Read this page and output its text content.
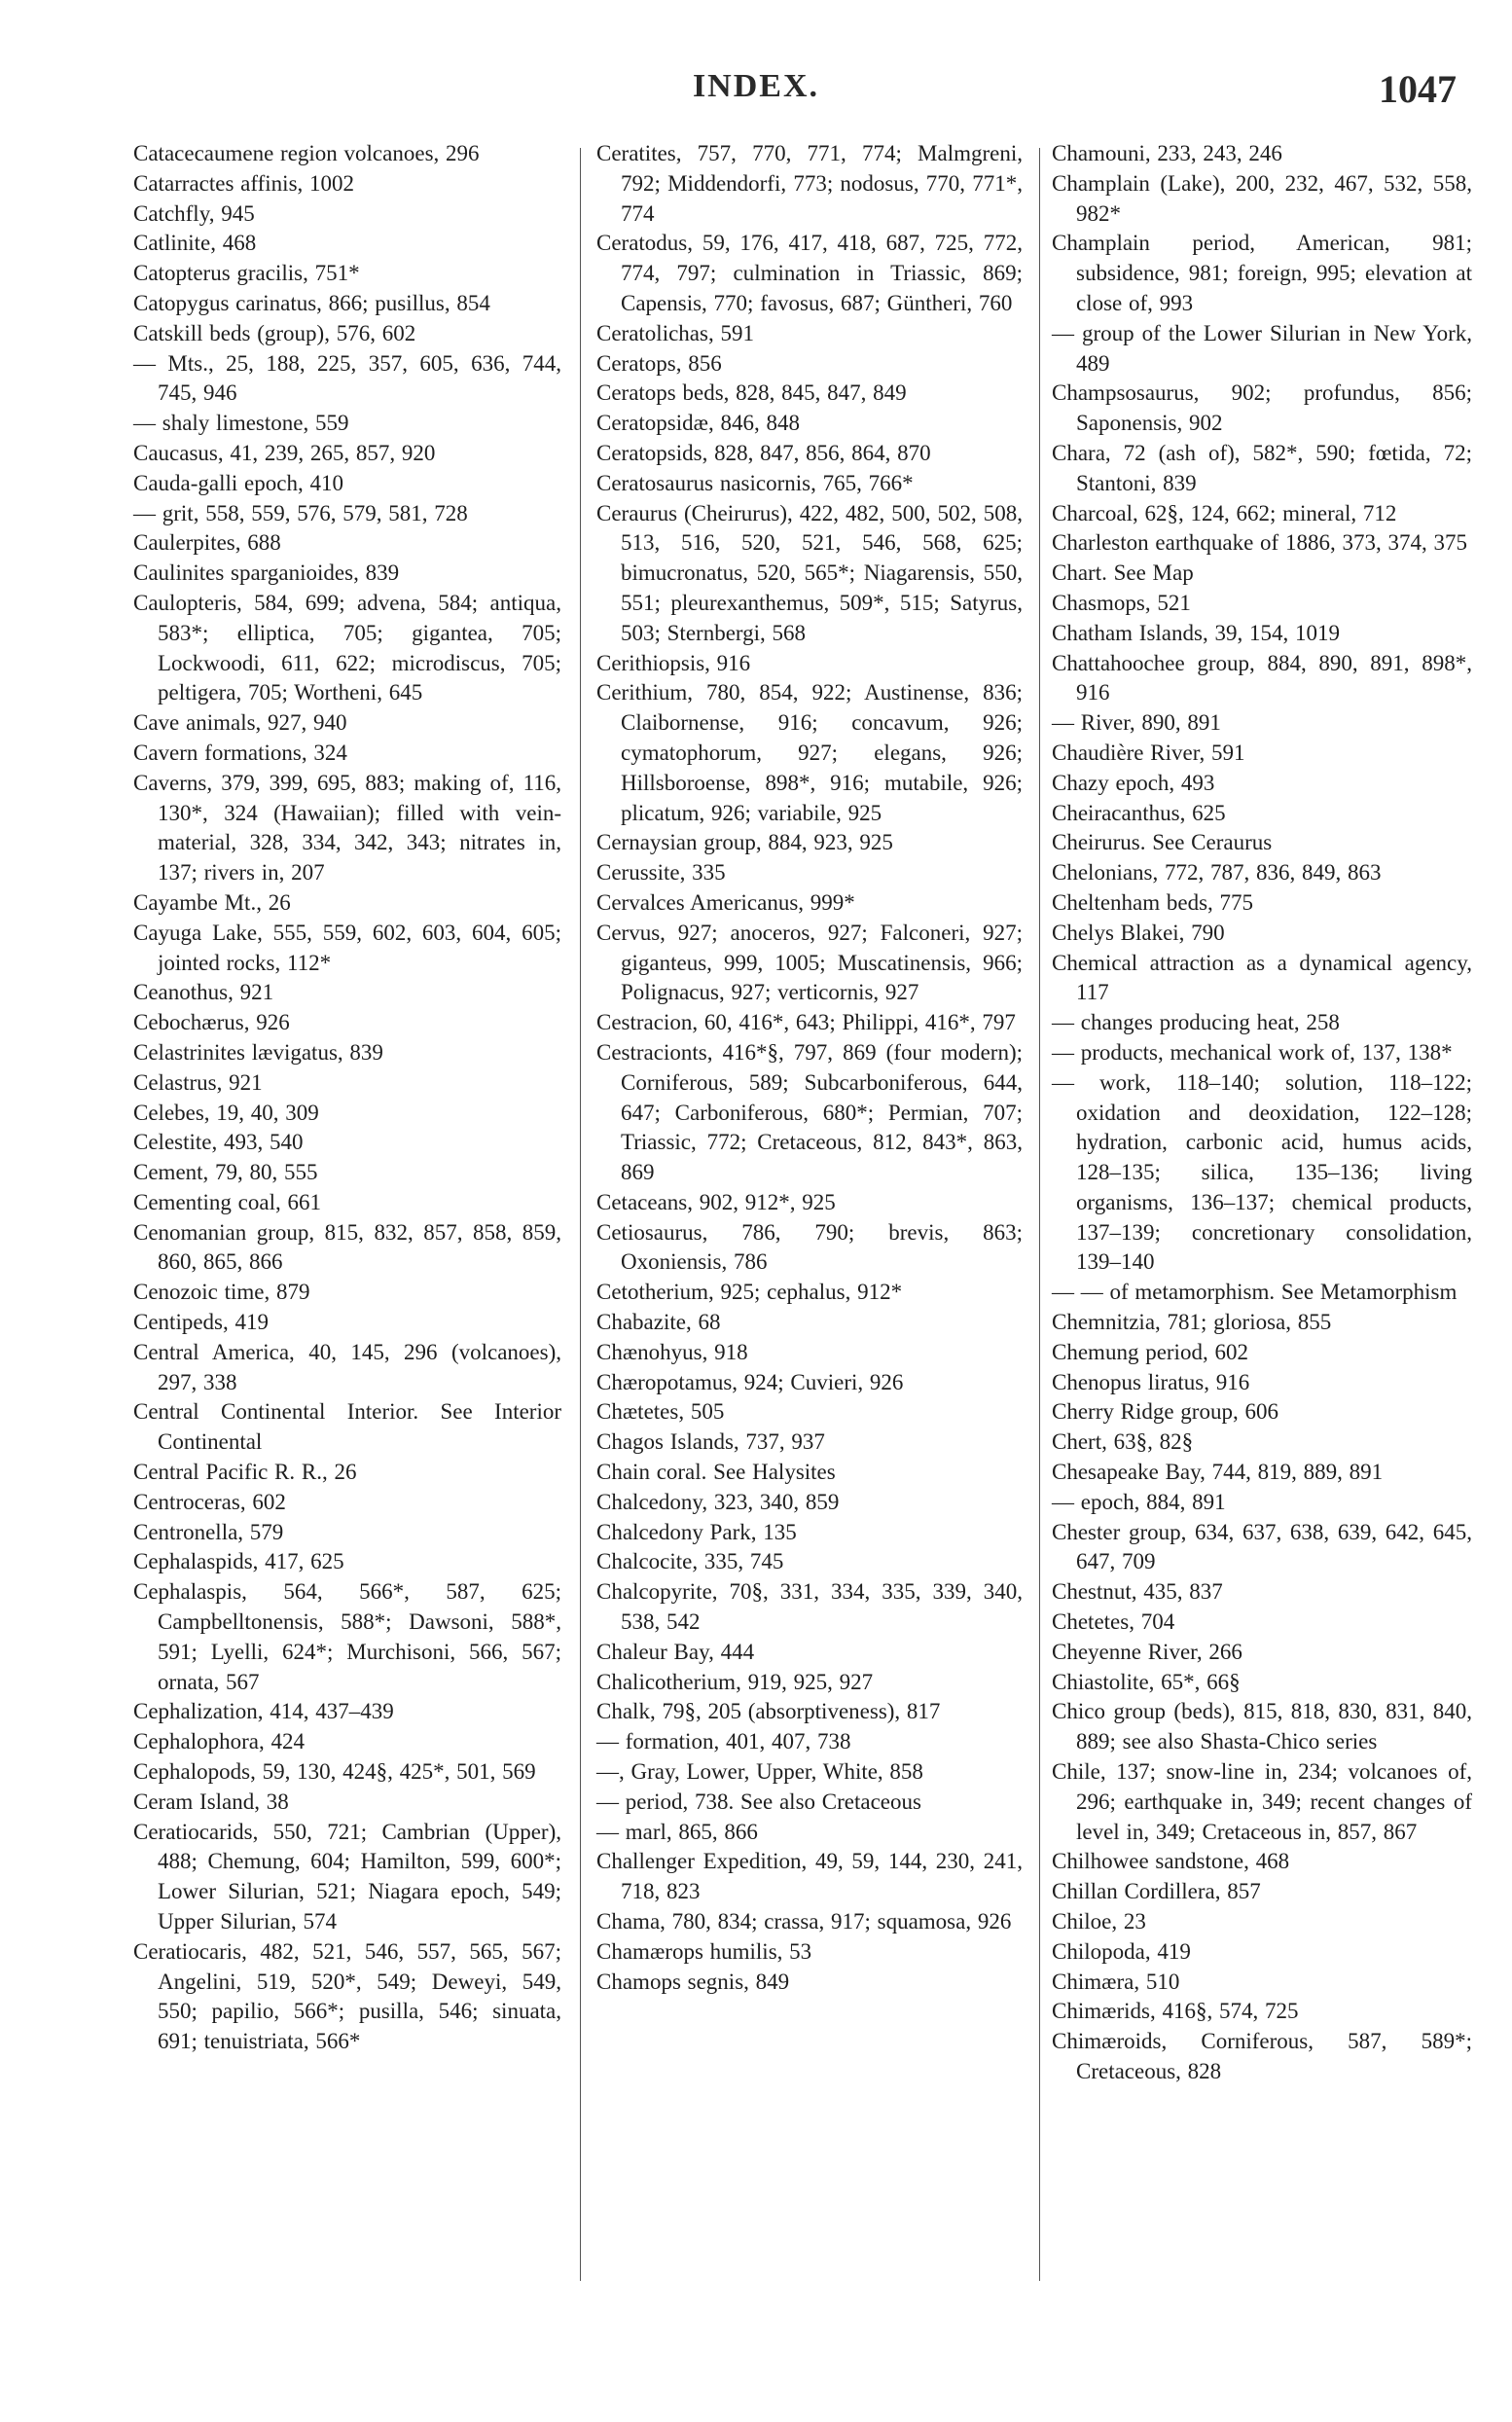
INDEX.	1047
Catacecaumene region volcanoes, 296
Catarractes affinis, 1002
Catchfly, 945
Catlinite, 468
Catopterus gracilis, 751*
Catopygus carinatus, 866; pusillus, 854
Catskill beds (group), 576, 602
— Mts., 25, 188, 225, 357, 605, 636, 744, 745, 946
— shaly limestone, 559
Caucasus, 41, 239, 265, 857, 920
Cauda-galli epoch, 410
— grit, 558, 559, 576, 579, 581, 728
Caulerpites, 688
Caulinites sparganioides, 839
Caulopteris, 584, 699; advena, 584; antiqua, 583*; elliptica, 705; gigantea, 705; Lockwoodi, 611, 622; microdiscus, 705; peltigera, 705; Wortheni, 645
Cave animals, 927, 940
Cavern formations, 324
Caverns, 379, 399, 695, 883; making of, 116, 130*, 324 (Hawaiian); filled with vein-material, 328, 334, 342, 343; nitrates in, 137; rivers in, 207
Cayambe Mt., 26
Cayuga Lake, 555, 559, 602, 603, 604, 605; jointed rocks, 112*
Ceanothus, 921
Cebochærus, 926
Celastrinites lævigatus, 839
Celastrus, 921
Celebes, 19, 40, 309
Celestite, 493, 540
Cement, 79, 80, 555
Cementing coal, 661
Cenomanian group, 815, 832, 857, 858, 859, 860, 865, 866
Cenozoic time, 879
Centipeds, 419
Central America, 40, 145, 296 (volcanoes), 297, 338
Central Continental Interior. See Interior Continental
Central Pacific R. R., 26
Centroceras, 602
Centronella, 579
Cephalaspids, 417, 625
Cephalaspis, 564, 566*, 587, 625; Campbelltonensis, 588*; Dawsoni, 588*, 591; Lyelli, 624*; Murchisoni, 566, 567; ornata, 567
Cephalization, 414, 437–439
Cephalophora, 424
Cephalopods, 59, 130, 424§, 425*, 501, 569
Ceram Island, 38
Ceratiocarids, 550, 721; Cambrian (Upper), 488; Chemung, 604; Hamilton, 599, 600*; Lower Silurian, 521; Niagara epoch, 549; Upper Silurian, 574
Ceratiocaris, 482, 521, 546, 557, 565, 567; Angelini, 519, 520*, 549; Deweyi, 549, 550; papilio, 566*; pusilla, 546; sinuata, 691; tenuistriata, 566*
Ceratites, 757, 770, 771, 774; Malmgreni, 792; Middendorfi, 773; nodosus, 770, 771*, 774
Ceratodus, 59, 176, 417, 418, 687, 725, 772, 774, 797; culmination in Triassic, 869; Capensis, 770; favosus, 687; Güntheri, 760
Ceratolichas, 591
Ceratops, 856
Ceratops beds, 828, 845, 847, 849
Ceratopsidæ, 846, 848
Ceratopsids, 828, 847, 856, 864, 870
Ceratosaurus nasicornis, 765, 766*
Ceraurus (Cheirurus), 422, 482, 500, 502, 508, 513, 516, 520, 521, 546, 568, 625; bimucronatus, 520, 565*; Niagarensis, 550, 551; pleurexanthemus, 509*, 515; Satyrus, 503; Sternbergi, 568
Cerithiopsis, 916
Cerithium, 780, 854, 922; Austinense, 836; Claibornense, 916; concavum, 926; cymatophorum, 927; elegans, 926; Hillsboroense, 898*, 916; mutabile, 926; plicatum, 926; variabile, 925
Cernaysian group, 884, 923, 925
Cerussite, 335
Cervalces Americanus, 999*
Cervus, 927; anoceros, 927; Falconeri, 927; giganteus, 999, 1005; Muscatinensis, 966; Polignacus, 927; verticornis, 927
Cestracion, 60, 416*, 643; Philippi, 416*, 797
Cestracionts, 416*§, 797, 869 (four modern); Corniferous, 589; Subcarboniferous, 644, 647; Carboniferous, 680*; Permian, 707; Triassic, 772; Cretaceous, 812, 843*, 863, 869
Cetaceans, 902, 912*, 925
Cetiosaurus, 786, 790; brevis, 863; Oxoniensis, 786
Cetotherium, 925; cephalus, 912*
Chabazite, 68
Chænohyus, 918
Chæropotamus, 924; Cuvieri, 926
Chætetes, 505
Chagos Islands, 737, 937
Chain coral. See Halysites
Chalcedony, 323, 340, 859
Chalcedony Park, 135
Chalcocite, 335, 745
Chalcopyrite, 70§, 331, 334, 335, 339, 340, 538, 542
Chaleur Bay, 444
Chalicotherium, 919, 925, 927
Chalk, 79§, 205 (absorptiveness), 817
— formation, 401, 407, 738
—, Gray, Lower, Upper, White, 858
— period, 738. See also Cretaceous
— marl, 865, 866
Challenger Expedition, 49, 59, 144, 230, 241, 718, 823
Chama, 780, 834; crassa, 917; squamosa, 926
Chamærops humilis, 53
Chamops segnis, 849
Chamouni, 233, 243, 246
Champlain (Lake), 200, 232, 467, 532, 558, 982*
Champlain period, American, 981; subsidence, 981; foreign, 995; elevation at close of, 993
— group of the Lower Silurian in New York, 489
Champsosaurus, 902; profundus, 856; Saponensis, 902
Chara, 72 (ash of), 582*, 590; fœtida, 72; Stantoni, 839
Charcoal, 62§, 124, 662; mineral, 712
Charleston earthquake of 1886, 373, 374, 375
Chart. See Map
Chasmops, 521
Chatham Islands, 39, 154, 1019
Chattahoochee group, 884, 890, 891, 898*, 916
— River, 890, 891
Chaudière River, 591
Chazy epoch, 493
Cheiracanthus, 625
Cheirurus. See Ceraurus
Chelonians, 772, 787, 836, 849, 863
Cheltenham beds, 775
Chelys Blakei, 790
Chemical attraction as a dynamical agency, 117
— changes producing heat, 258
— products, mechanical work of, 137, 138*
— work, 118–140; solution, 118–122; oxidation and deoxidation, 122–128; hydration, carbonic acid, humus acids, 128–135; silica, 135–136; living organisms, 136–137; chemical products, 137–139; concretionary consolidation, 139–140
— — of metamorphism. See Metamorphism
Chemnitzia, 781; gloriosa, 855
Chemung period, 602
Chenopus liratus, 916
Cherry Ridge group, 606
Chert, 63§, 82§
Chesapeake Bay, 744, 819, 889, 891
— epoch, 884, 891
Chester group, 634, 637, 638, 639, 642, 645, 647, 709
Chestnut, 435, 837
Chetetes, 704
Cheyenne River, 266
Chiastolite, 65*, 66§
Chico group (beds), 815, 818, 830, 831, 840, 889; see also Shasta-Chico series
Chile, 137; snow-line in, 234; volcanoes of, 296; earthquake in, 349; recent changes of level in, 349; Cretaceous in, 857, 867
Chilhowee sandstone, 468
Chillan Cordillera, 857
Chiloe, 23
Chilopoda, 419
Chimæra, 510
Chimærids, 416§, 574, 725
Chimæroids, Corniferous, 587, 589*; Cretaceous, 828
